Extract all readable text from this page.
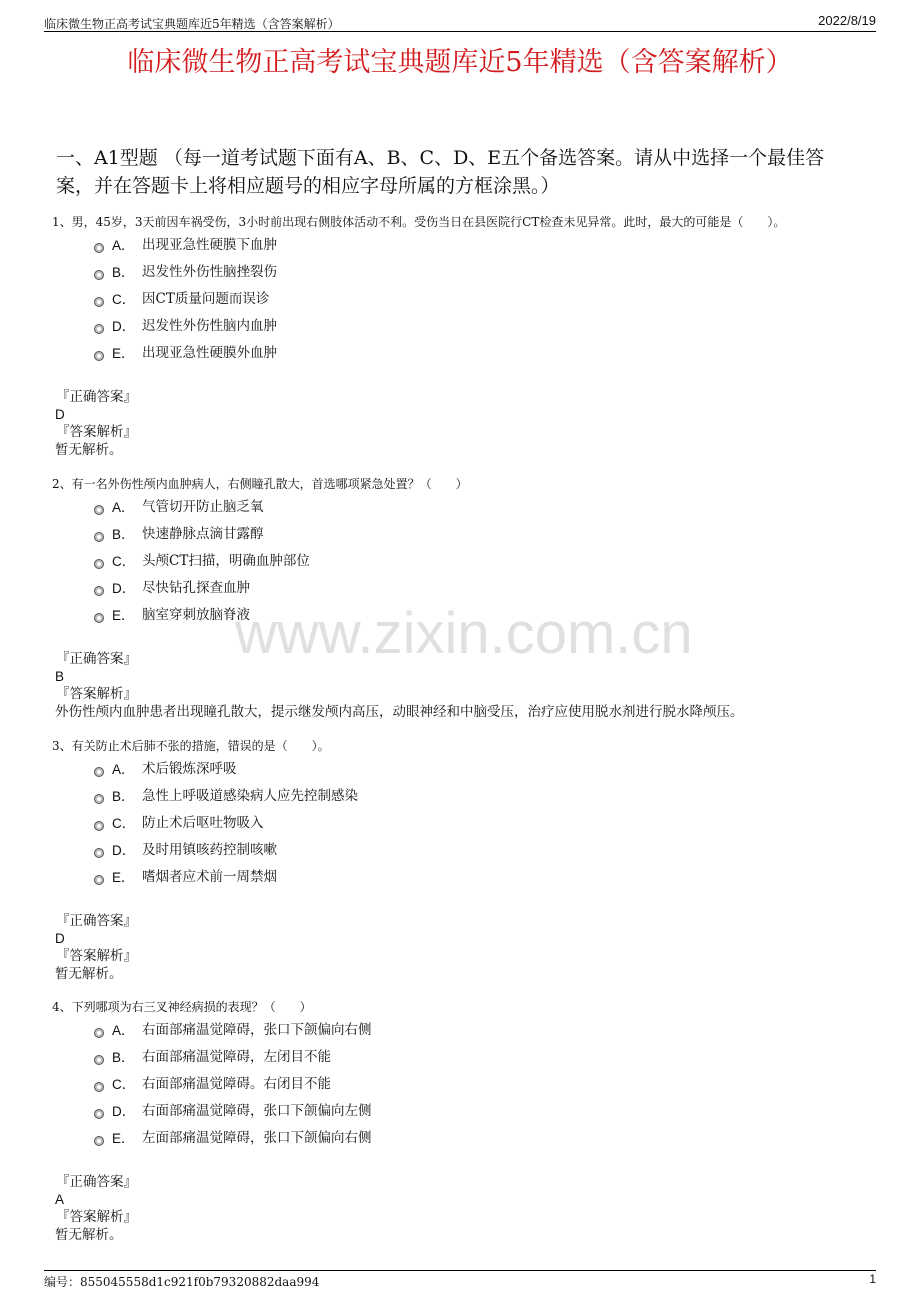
临床微生物正高考试宝典题库近5年精选（含答案解析）	2022/8/19
临床微生物正高考试宝典题库近5年精选（含答案解析）
一、A1型题 （每一道考试题下面有A、B、C、D、E五个备选答案。请从中选择一个最佳答案，并在答题卡上将相应题号的相应字母所属的方框涂黑。）
www.zixin.com.cn
1、男，45岁，3天前因车祸受伤，3小时前出现右侧肢体活动不利。受伤当日在县医院行CT检查未见异常。此时，最大的可能是（　　）。
A． 出现亚急性硬膜下血肿
B． 迟发性外伤性脑挫裂伤
C． 因CT质量问题而误诊
D． 迟发性外伤性脑内血肿
E． 出现亚急性硬膜外血肿
『正确答案』
D
『答案解析』
暂无解析。
2、有一名外伤性颅内血肿病人，右侧瞳孔散大，首选哪项紧急处置？（　　）
A． 气管切开防止脑乏氧
B． 快速静脉点滴甘露醇
C． 头颅CT扫描，明确血肿部位
D． 尽快钻孔探查血肿
E． 脑室穿刺放脑脊液
『正确答案』
B
『答案解析』
外伤性颅内血肿患者出现瞳孔散大，提示继发颅内高压，动眼神经和中脑受压，治疗应使用脱水剂进行脱水降颅压。
3、有关防止术后肺不张的措施，错误的是（　　）。
A． 术后锻炼深呼吸
B． 急性上呼吸道感染病人应先控制感染
C． 防止术后呕吐物吸入
D． 及时用镇咳药控制咳嗽
E． 嗜烟者应术前一周禁烟
『正确答案』
D
『答案解析』
暂无解析。
4、下列哪项为右三叉神经病损的表现？（　　）
A． 右面部痛温觉障碍，张口下颌偏向右侧
B． 右面部痛温觉障碍，左闭目不能
C． 右面部痛温觉障碍。右闭目不能
D． 右面部痛温觉障碍，张口下颌偏向左侧
E． 左面部痛温觉障碍，张口下颌偏向右侧
『正确答案』
A
『答案解析』
暂无解析。
编号：855045558d1c921f0b79320882daa994	1
